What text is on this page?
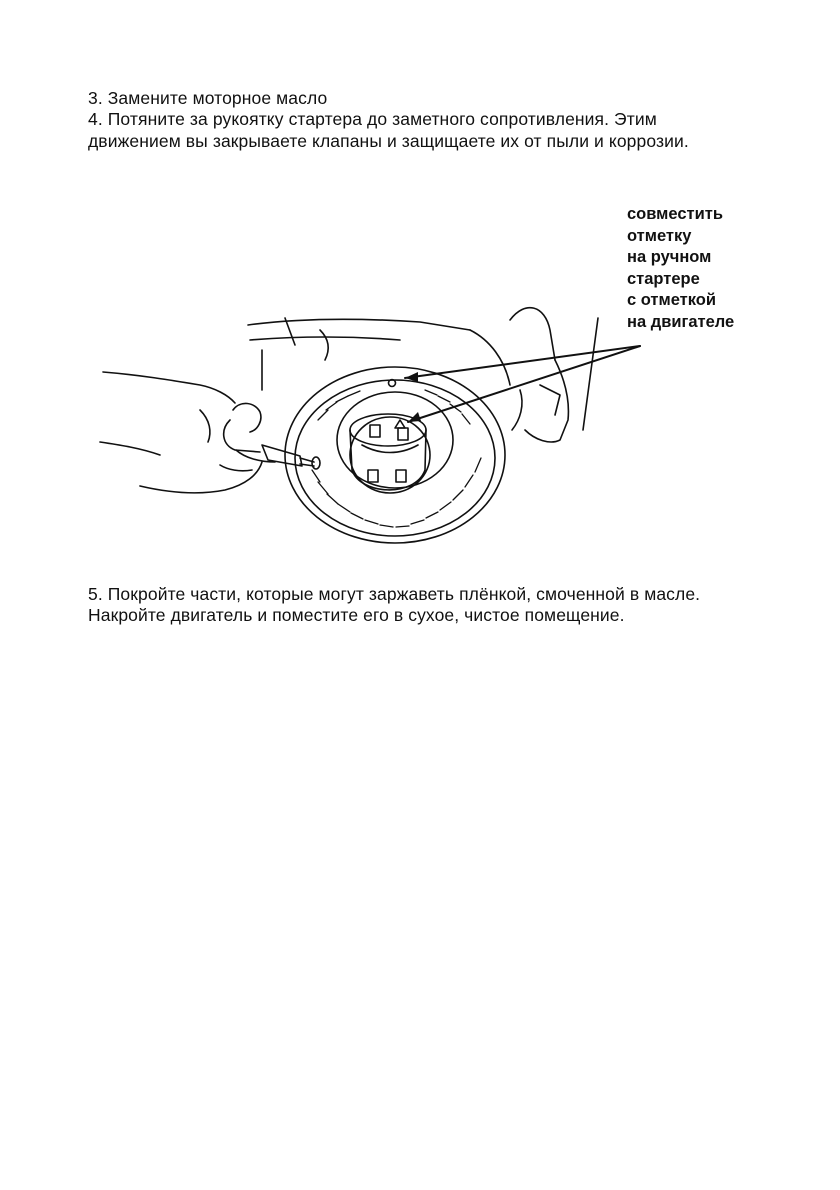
3. Замените моторное масло
4. Потяните за рукоятку стартера до заметного сопротивления. Этим
движением вы закрываете клапаны и защищаете их от пыли и коррозии.
совместить
отметку
на ручном
стартере
с отметкой
на двигателе
5. Покройте части, которые могут заржаветь плёнкой, смоченной в масле.
Накройте двигатель и поместите его в сухое, чистое помещение.
